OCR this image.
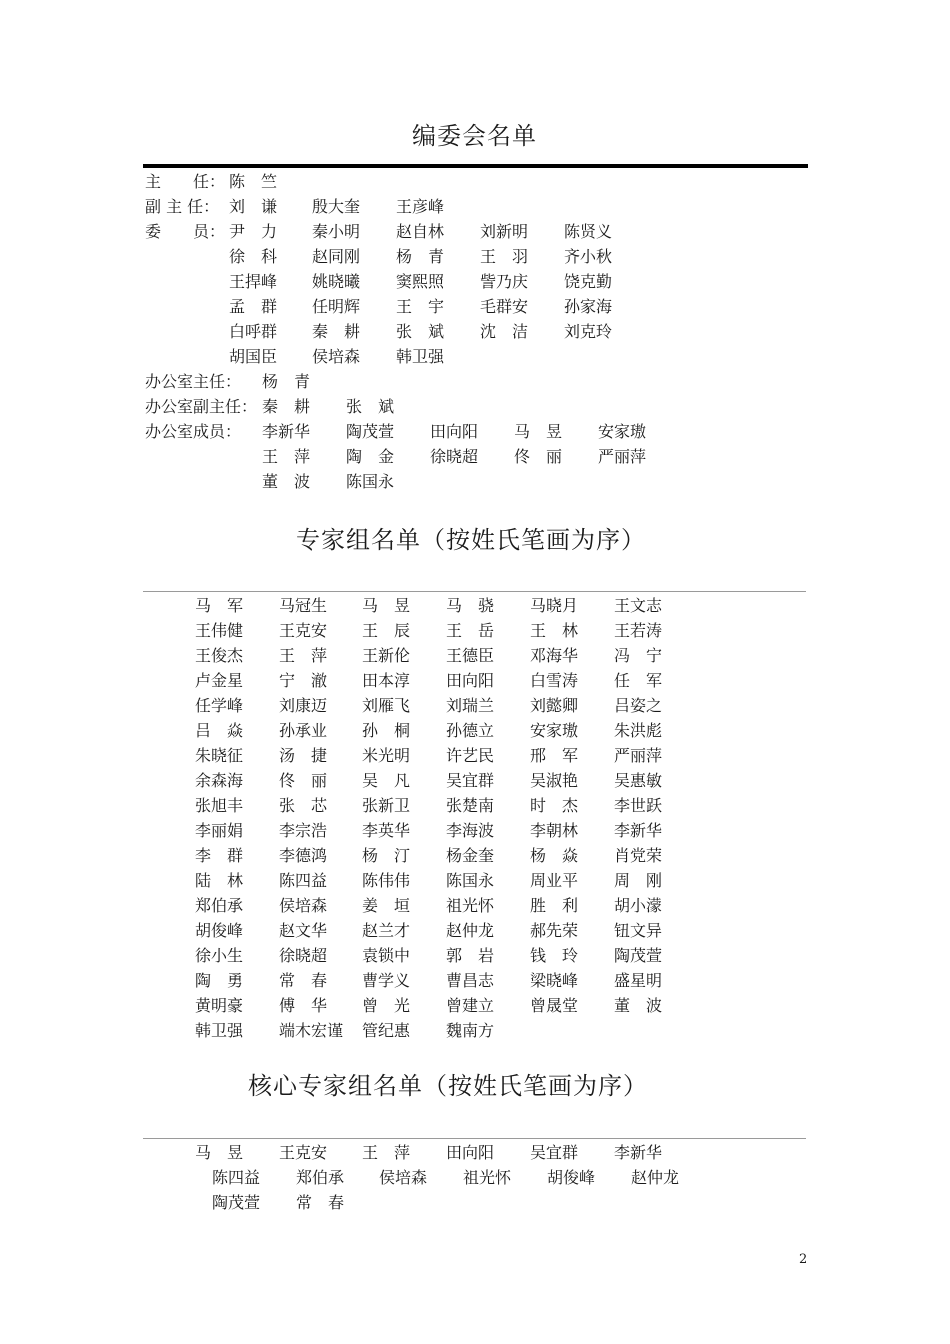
编委会名单
主　　任： 陈　竺
副 主 任： 刘　谦 殷大奎 王彦峰
委　　员： 尹　力 秦小明 赵自林 刘新明 陈贤义
徐　科 赵同刚 杨　青 王　羽 齐小秋
王捍峰 姚晓曦 窦熙照 訾乃庆 饶克勤
孟　群 任明辉 王　宇 毛群安 孙家海
白呼群 秦　耕 张　斌 沈　洁 刘克玲
胡国臣 侯培森 韩卫强
办公室主任： 杨　青
办公室副主任： 秦　耕 张　斌
办公室成员： 李新华 陶茂萱 田向阳 马　昱 安家璈
王　萍 陶　金 徐晓超 佟　丽 严丽萍
董　波 陈国永
专家组名单（按姓氏笔画为序）
马　军 马冠生 马　昱 马　骁 马晓月 王文志
王伟健 王克安 王　辰 王　岳 王　林 王若涛
王俊杰 王　萍 王新伦 王德臣 邓海华 冯　宁
卢金星 宁　澈 田本淳 田向阳 白雪涛 任　军
任学峰 刘康迈 刘雁飞 刘瑞兰 刘懿卿 吕姿之
吕　焱 孙承业 孙　桐 孙德立 安家璈 朱洪彪
朱晓征 汤　捷 米光明 许艺民 邢　军 严丽萍
余森海 佟　丽 吴　凡 吴宜群 吴淑艳 吴惠敏
张旭丰 张　芯 张新卫 张楚南 时　杰 李世跃
李丽娟 李宗浩 李英华 李海波 李朝林 李新华
李　群 李德鸿 杨　汀 杨金奎 杨　焱 肖党荣
陆　林 陈四益 陈伟伟 陈国永 周业平 周　刚
郑伯承 侯培森 姜　垣 祖光怀 胜　利 胡小濛
胡俊峰 赵文华 赵兰才 赵仲龙 郝先荣 钮文异
徐小生 徐晓超 袁锁中 郭　岩 钱　玲 陶茂萱
陶　勇 常　春 曹学义 曹昌志 梁晓峰 盛星明
黄明豪 傅　华 曾　光 曾建立 曾晟堂 董　波
韩卫强 端木宏谨 管纪惠 魏南方
核心专家组名单（按姓氏笔画为序）
马　昱 王克安 王　萍 田向阳 吴宜群 李新华
陈四益 郑伯承 侯培森 祖光怀 胡俊峰 赵仲龙
陶茂萱 常　春
2
